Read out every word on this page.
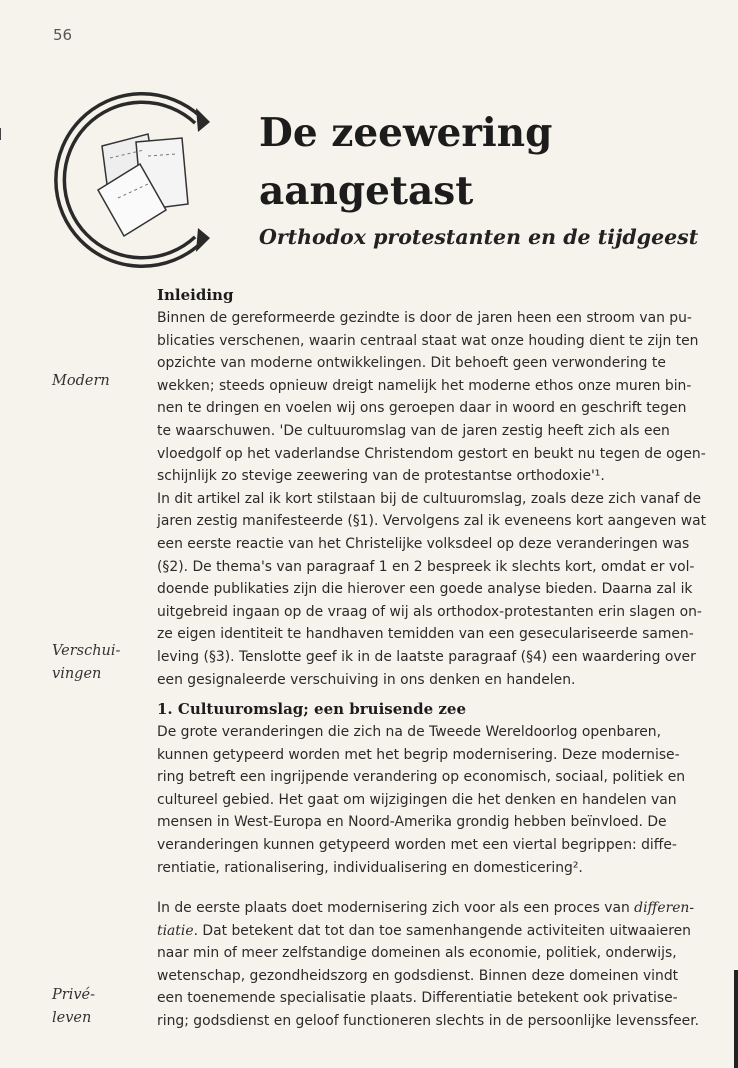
56
De zeewering
aangetast
Orthodox protestanten en de tijdgeest
Modern
Verschui-
vingen
Privé-
leven
Inleiding
Binnen de gereformeerde gezindte is door de jaren heen een stroom van pu-
blicaties verschenen, waarin centraal staat wat onze houding dient te zijn ten
opzichte van moderne ontwikkelingen. Dit behoeft geen verwondering te
wekken; steeds opnieuw dreigt namelijk het moderne ethos onze muren bin-
nen te dringen en voelen wij ons geroepen daar in woord en geschrift tegen
te waarschuwen. 'De cultuuromslag van de jaren zestig heeft zich als een
vloedgolf op het vaderlandse Christendom gestort en beukt nu tegen de ogen-
schijnlijk zo stevige zeewering van de protestantse orthodoxie'¹.
In dit artikel zal ik kort stilstaan bij de cultuuromslag, zoals deze zich vanaf de
jaren zestig manifesteerde (§1). Vervolgens zal ik eveneens kort aangeven wat
een eerste reactie van het Christelijke volksdeel op deze veranderingen was
(§2). De thema's van paragraaf 1 en 2 bespreek ik slechts kort, omdat er vol-
doende publikaties zijn die hierover een goede analyse bieden. Daarna zal ik
uitgebreid ingaan op de vraag of wij als orthodox-protestanten erin slagen on-
ze eigen identiteit te handhaven temidden van een geseculariseerde samen-
leving (§3). Tenslotte geef ik in de laatste paragraaf (§4) een waardering over
een gesignaleerde verschuiving in ons denken en handelen.
1. Cultuuromslag; een bruisende zee
De grote veranderingen die zich na de Tweede Wereldoorlog openbaren,
kunnen getypeerd worden met het begrip modernisering. Deze modernise-
ring betreft een ingrijpende verandering op economisch, sociaal, politiek en
cultureel gebied. Het gaat om wijzigingen die het denken en handelen van
mensen in West-Europa en Noord-Amerika grondig hebben beïnvloed. De
veranderingen kunnen getypeerd worden met een viertal begrippen: diffe-
rentiatie, rationalisering, individualisering en domesticering².
In de eerste plaats doet modernisering zich voor als een proces van differen-
tiatie. Dat betekent dat tot dan toe samenhangende activiteiten uitwaaieren
naar min of meer zelfstandige domeinen als economie, politiek, onderwijs,
wetenschap, gezondheidszorg en godsdienst. Binnen deze domeinen vindt
een toenemende specialisatie plaats. Differentiatie betekent ook privatise-
ring; godsdienst en geloof functioneren slechts in de persoonlijke levenssfeer.
